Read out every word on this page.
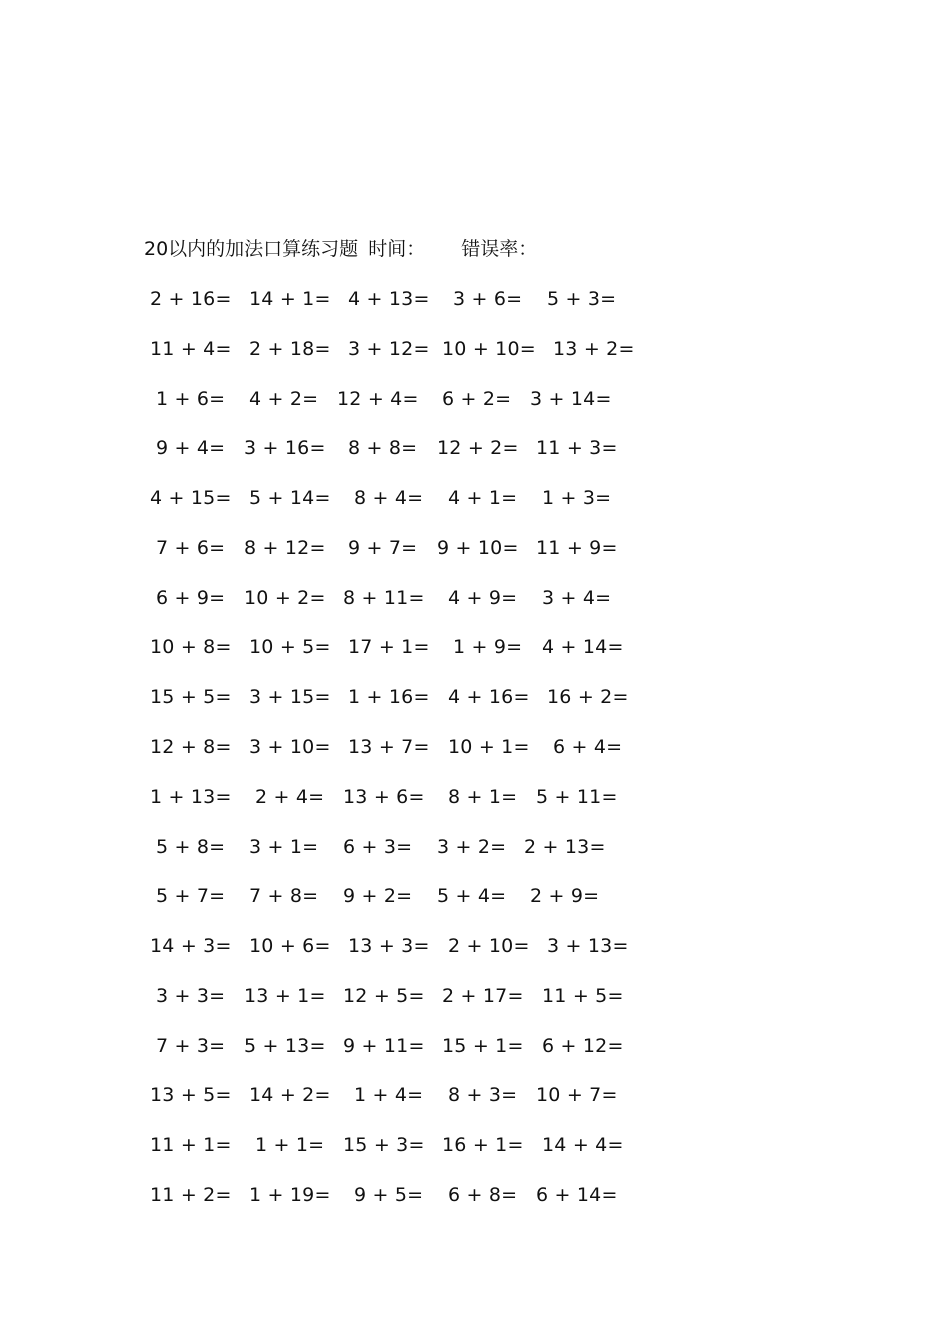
20以内的加法口算练习题 时间： 错误率：
2 + 16= 14 + 1= 4 + 13= 3 + 6= 5 + 3=
11 + 4= 2 + 18= 3 + 12= 10 + 10= 13 + 2=
1 + 6= 4 + 2= 12 + 4= 6 + 2= 3 + 14=
9 + 4= 3 + 16= 8 + 8= 12 + 2= 11 + 3=
4 + 15= 5 + 14= 8 + 4= 4 + 1= 1 + 3=
7 + 6= 8 + 12= 9 + 7= 9 + 10= 11 + 9=
6 + 9= 10 + 2= 8 + 11= 4 + 9= 3 + 4=
10 + 8= 10 + 5= 17 + 1= 1 + 9= 4 + 14=
15 + 5= 3 + 15= 1 + 16= 4 + 16= 16 + 2=
12 + 8= 3 + 10= 13 + 7= 10 + 1= 6 + 4=
1 + 13= 2 + 4= 13 + 6= 8 + 1= 5 + 11=
5 + 8= 3 + 1= 6 + 3= 3 + 2= 2 + 13=
5 + 7= 7 + 8= 9 + 2= 5 + 4= 2 + 9=
14 + 3= 10 + 6= 13 + 3= 2 + 10= 3 + 13=
3 + 3= 13 + 1= 12 + 5= 2 + 17= 11 + 5=
7 + 3= 5 + 13= 9 + 11= 15 + 1= 6 + 12=
13 + 5= 14 + 2= 1 + 4= 8 + 3= 10 + 7=
11 + 1= 1 + 1= 15 + 3= 16 + 1= 14 + 4=
11 + 2= 1 + 19= 9 + 5= 6 + 8= 6 + 14=
